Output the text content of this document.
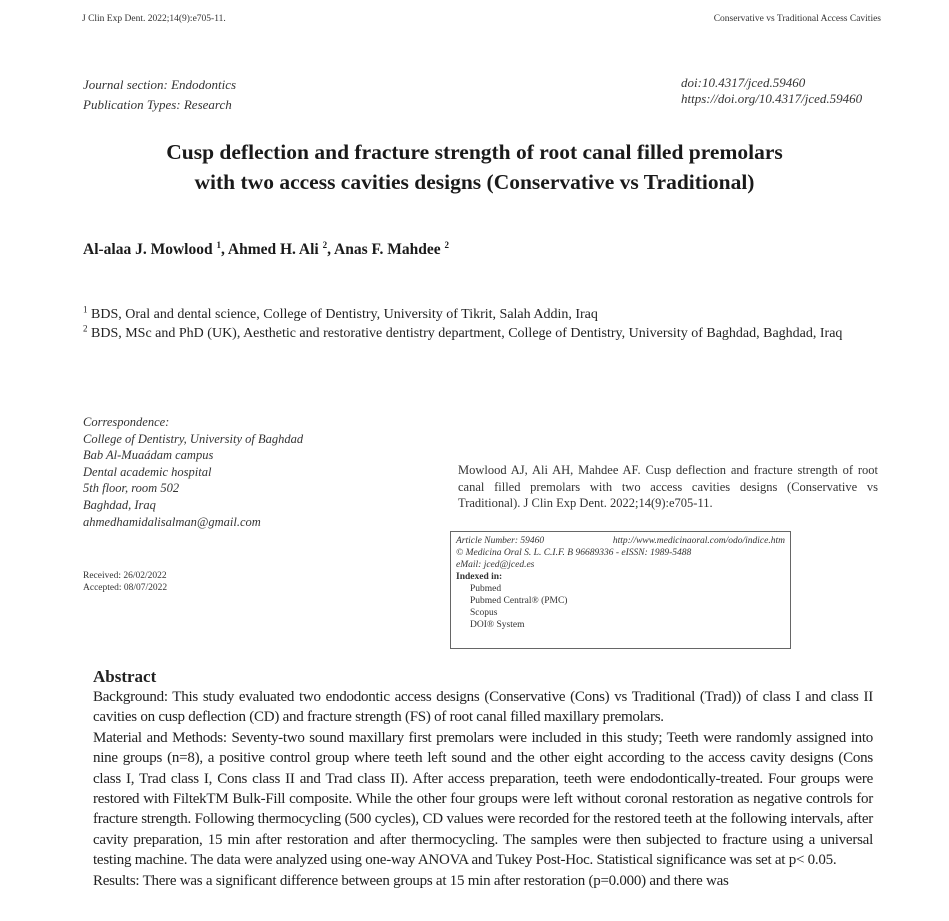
J Clin Exp Dent. 2022;14(9):e705-11.	Conservative vs Traditional Access Cavities
Journal section: Endodontics
Publication Types: Research
doi:10.4317/jced.59460
https://doi.org/10.4317/jced.59460
Cusp deflection and fracture strength of root canal filled premolars
with two access cavities designs (Conservative vs Traditional)
Al-alaa J. Mowlood $^1$, Ahmed H. Ali $^2$, Anas F. Mahdee $^2$
$^1$ BDS, Oral and dental science, College of Dentistry, University of Tikrit, Salah Addin, Iraq
$^2$ BDS, MSc and PhD (UK), Aesthetic and restorative dentistry department, College of Dentistry, University of Baghdad, Baghdad, Iraq
Correspondence:
College of Dentistry, University of Baghdad
Bab Al-Muaádam campus
Dental academic hospital
5th floor, room 502
Baghdad, Iraq
ahmedhamidalisalman@gmail.com
Received: 26/02/2022
Accepted: 08/07/2022
Mowlood AJ, Ali AH, Mahdee AF. Cusp deflection and fracture strength of root canal filled premolars with two access cavities designs (Conservative vs Traditional). J Clin Exp Dent. 2022;14(9):e705-11.
Article Number: 59460	http://www.medicinaoral.com/odo/indice.htm
© Medicina Oral S. L. C.I.F. B 96689336 - eISSN: 1989-5488
eMail: jced@jced.es
Indexed in:
Pubmed
Pubmed Central® (PMC)
Scopus
DOI® System
Abstract

Background: This study evaluated two endodontic access designs (Conservative (Cons) vs Traditional (Trad)) of class I and class II cavities on cusp deflection (CD) and fracture strength (FS) of root canal filled maxillary premolars.

Material and Methods: Seventy-two sound maxillary first premolars were included in this study; Teeth were randomly assigned into nine groups (n=8), a positive control group where teeth left sound and the other eight according to the access cavity designs (Cons class I, Trad class I, Cons class II and Trad class II). After access preparation, teeth were endodontically-treated. Four groups were restored with FiltekTM Bulk-Fill composite. While the other four groups were left without coronal restoration as negative controls for fracture strength. Following thermocycling (500 cycles), CD values were recorded for the restored teeth at the following intervals, after cavity preparation, 15 min after restoration and after thermocycling. The samples were then subjected to fracture using a universal testing machine. The data were analyzed using one-way ANOVA and Tukey Post-Hoc. Statistical significance was set at p< 0.05.

Results: There was a significant difference between groups at 15 min after restoration (p=0.000) and there was
